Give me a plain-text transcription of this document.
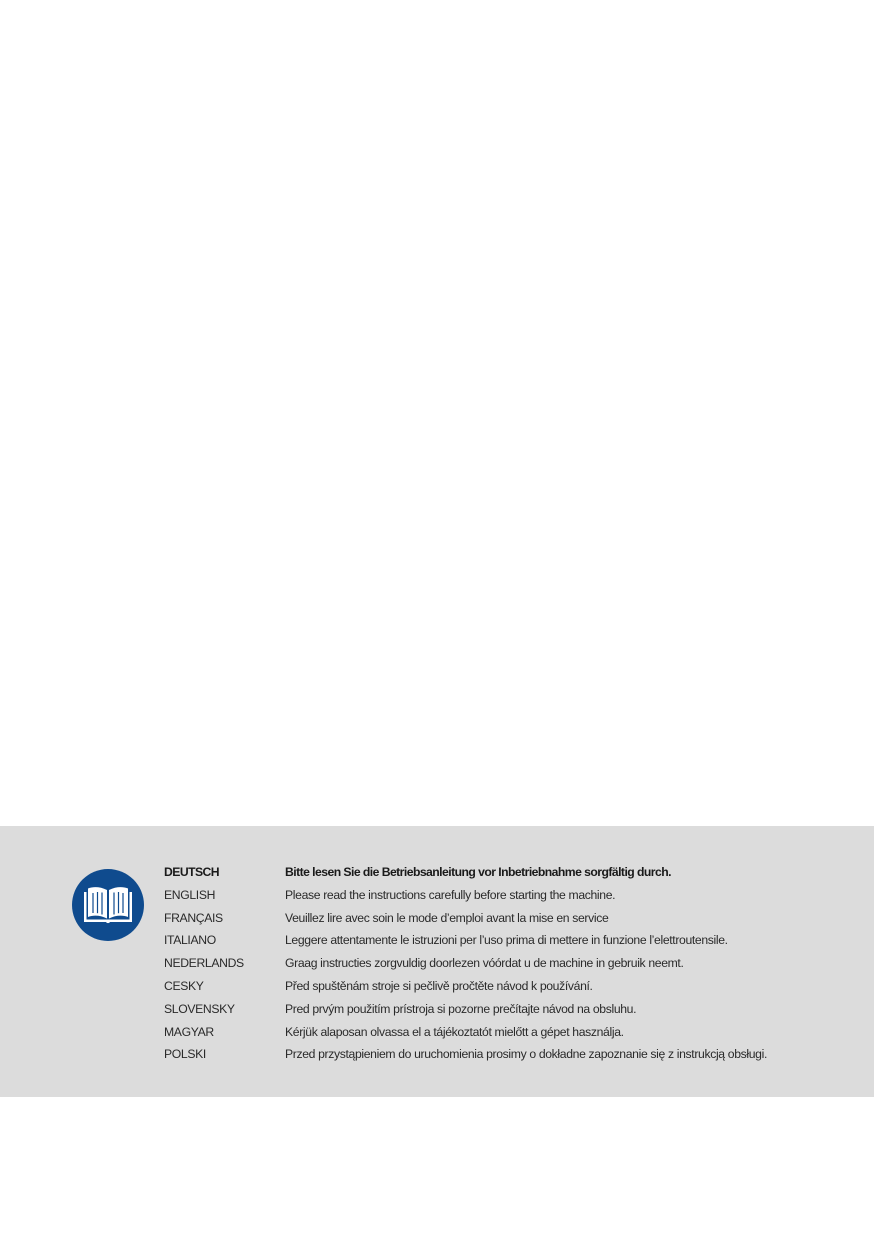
DEUTSCH	Bitte lesen Sie die Betriebsanleitung vor Inbetriebnahme sorgfältig durch.
ENGLISH	Please read the instructions carefully before starting the machine.
FRANÇAIS	Veuillez lire avec soin le mode d’emploi avant la mise en service
ITALIANO	Leggere attentamente le istruzioni per l’uso prima di mettere in funzione l’elettroutensile.
NEDERLANDS	Graag instructies zorgvuldig doorlezen vóórdat u de machine in gebruik neemt.
CESKY	Před spuštěnám stroje si pečlivě pročtěte návod k používání.
SLOVENSKY	Pred prvým použitím prístroja si pozorne prečítajte návod na obsluhu.
MAGYAR	Kérjük alaposan olvassa el a tájékoztatót mielőtt a gépet használja.
POLSKI	Przed przystąpieniem do uruchomienia prosimy o dokładne zapoznanie się z instrukcją obsługi.
